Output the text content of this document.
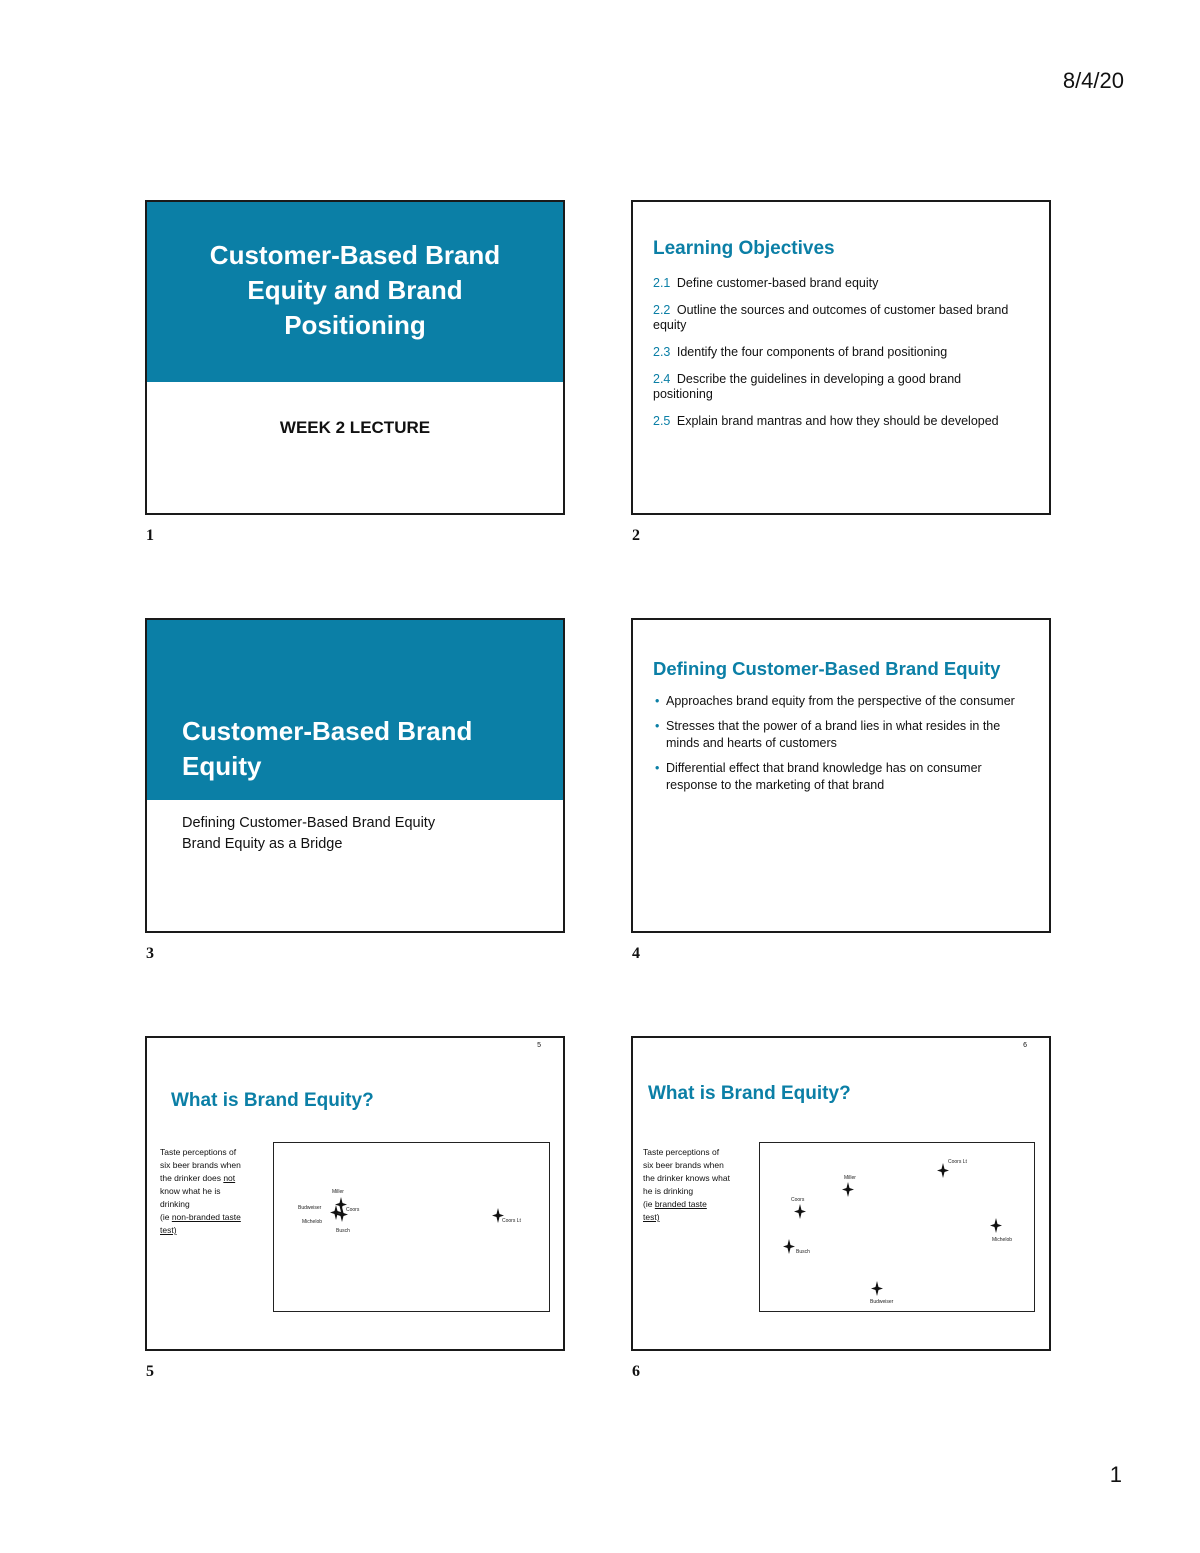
8/4/20
Customer-Based Brand
Equity and Brand
Positioning
WEEK 2 LECTURE
1
Learning Objectives
2.1 Define customer-based brand equity
2.2 Outline the sources and outcomes of customer based brand equity
2.3 Identify the four components of brand positioning
2.4 Describe the guidelines in developing a good brand positioning
2.5 Explain brand mantras and how they should be developed
2
Customer-Based Brand
Equity
Defining Customer-Based Brand Equity
Brand Equity as a Bridge
3
Defining Customer-Based Brand Equity
• Approaches brand equity from the perspective of the consumer
• Stresses that the power of a brand lies in what resides in the minds and hearts of customers
• Differential effect that brand knowledge has on consumer response to the marketing of that brand
4
5
What is Brand Equity?
Taste perceptions of
six beer brands when
the drinker does not
know what he is
drinking
(ie non-branded taste
test)
Miller
Budweiser	Coors
Michelob
Busch
Coors Lt
5
6
What is Brand Equity?
Taste perceptions of
six beer brands when
the drinker knows what
he is drinking
(ie branded taste
test)
Coors Lt
Miller
Coors
Michelob
Busch
Budweiser
6
1
